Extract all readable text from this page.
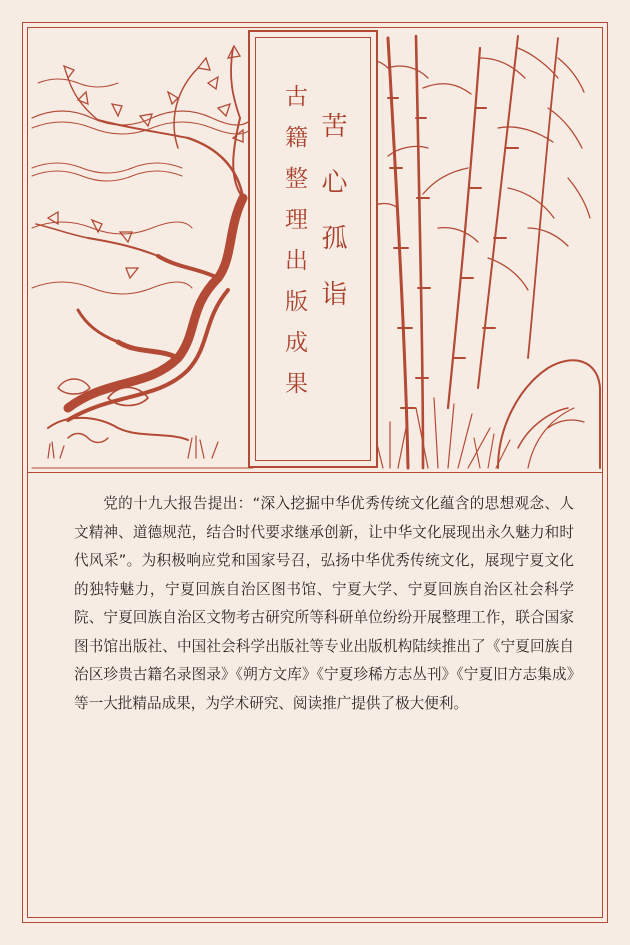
苦心孤诣
古籍整理出版成果

党的十九大报告提出：“深入挖掘中华优秀传统文化蕴含的思想观念、人文精神、道德规范，结合时代要求继承创新，让中华文化展现出永久魅力和时代风采”。为积极响应党和国家号召，弘扬中华优秀传统文化，展现宁夏文化的独特魅力，宁夏回族自治区图书馆、宁夏大学、宁夏回族自治区社会科学院、宁夏回族自治区文物考古研究所等科研单位纷纷开展整理工作，联合国家图书馆出版社、中国社会科学出版社等专业出版机构陆续推出了《宁夏回族自治区珍贵古籍名录图录》《朔方文库》《宁夏珍稀方志丛刊》《宁夏旧方志集成》等一大批精品成果，为学术研究、阅读推广提供了极大便利。
